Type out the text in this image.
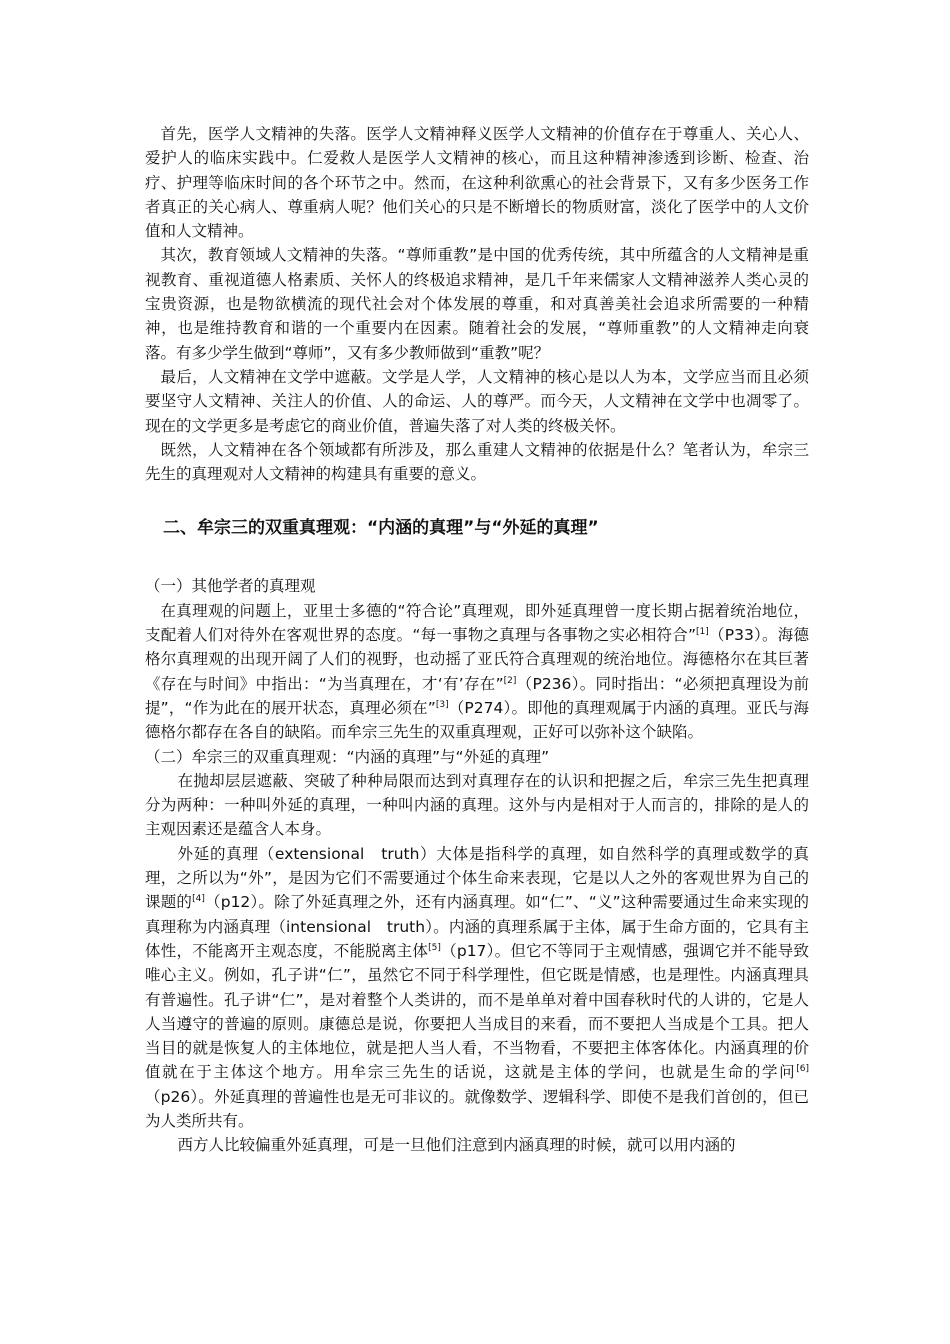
首先，医学人文精神的失落。医学人文精神释义医学人文精神的价值存在于尊重人、关心人、爱护人的临床实践中。仁爱救人是医学人文精神的核心，而且这种精神渗透到诊断、检查、治疗、护理等临床时间的各个环节之中。然而，在这种利欲熏心的社会背景下，又有多少医务工作者真正的关心病人、尊重病人呢？他们关心的只是不断增长的物质财富，淡化了医学中的人文价值和人文精神。

其次，教育领域人文精神的失落。“尊师重教”是中国的优秀传统，其中所蕴含的人文精神是重视教育、重视道德人格素质、关怀人的终极追求精神，是几千年来儒家人文精神滋养人类心灵的宝贵资源，也是物欲横流的现代社会对个体发展的尊重，和对真善美社会追求所需要的一种精神，也是维持教育和谐的一个重要内在因素。随着社会的发展，“尊师重教”的人文精神走向衰落。有多少学生做到“尊师”，又有多少教师做到“重教”呢？

最后，人文精神在文学中遮蔽。文学是人学，人文精神的核心是以人为本，文学应当而且必须要坚守人文精神、关注人的价值、人的命运、人的尊严。而今天，人文精神在文学中也凋零了。现在的文学更多是考虑它的商业价值，普遍失落了对人类的终极关怀。

既然，人文精神在各个领域都有所涉及，那么重建人文精神的依据是什么？笔者认为，牟宗三先生的真理观对人文精神的构建具有重要的意义。

二、牟宗三的双重真理观：“内涵的真理”与“外延的真理”

（一）其他学者的真理观

在真理观的问题上，亚里士多德的“符合论”真理观，即外延真理曾一度长期占据着统治地位，支配着人们对待外在客观世界的态度。“每一事物之真理与各事物之实必相符合”[1]（P33）。海德格尔真理观的出现开阔了人们的视野，也动摇了亚氏符合真理观的统治地位。海德格尔在其巨著《存在与时间》中指出：“为当真理在，才‘有’存在”[2]（P236）。同时指出：“必须把真理设为前提”，“作为此在的展开状态，真理必须在”[3]（P274）。即他的真理观属于内涵的真理。亚氏与海德格尔都存在各自的缺陷。而牟宗三先生的双重真理观，正好可以弥补这个缺陷。

（二）牟宗三的双重真理观：“内涵的真理”与“外延的真理”

在抛却层层遮蔽、突破了种种局限而达到对真理存在的认识和把握之后，牟宗三先生把真理分为两种：一种叫外延的真理，一种叫内涵的真理。这外与内是相对于人而言的，排除的是人的主观因素还是蕴含人本身。

外延的真理（extensional　truth）大体是指科学的真理，如自然科学的真理或数学的真理，之所以为“外”，是因为它们不需要通过个体生命来表现，它是以人之外的客观世界为自己的课题的[4]（p12）。除了外延真理之外，还有内涵真理。如“仁”、“义”这种需要通过生命来实现的真理称为内涵真理（intensional　truth）。内涵的真理系属于主体，属于生命方面的，它具有主体性，不能离开主观态度，不能脱离主体[5]（p17）。但它不等同于主观情感，强调它并不能导致唯心主义。例如，孔子讲“仁”，虽然它不同于科学理性，但它既是情感，也是理性。内涵真理具有普遍性。孔子讲“仁”，是对着整个人类讲的，而不是单单对着中国春秋时代的人讲的，它是人人当遵守的普遍的原则。康德总是说，你要把人当成目的来看，而不要把人当成是个工具。把人当目的就是恢复人的主体地位，就是把人当人看，不当物看，不要把主体客体化。内涵真理的价值就在于主体这个地方。用牟宗三先生的话说，这就是主体的学问，也就是生命的学问[6]（p26）。外延真理的普遍性也是无可非议的。就像数学、逻辑科学、即使不是我们首创的，但已为人类所共有。

西方人比较偏重外延真理，可是一旦他们注意到内涵真理的时候，就可以用内涵的
